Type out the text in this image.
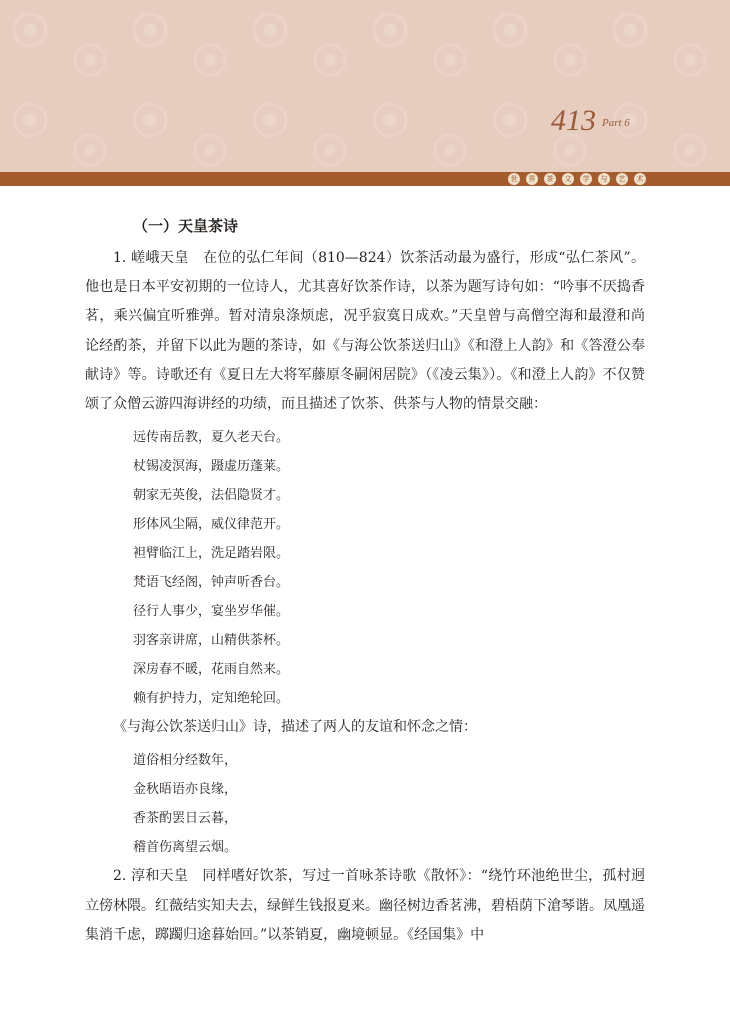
413 Part 6
世	界	茶	文	学	与	艺	术
（一）天皇茶诗

1. 嵯峨天皇　在位的弘仁年间（810—824）饮茶活动最为盛行，形成“弘仁茶风”。他也是日本平安初期的一位诗人，尤其喜好饮茶作诗，以茶为题写诗句如：“吟事不厌捣香茗，乘兴偏宜听雅弹。暂对清泉涤烦虑，况乎寂寞日成欢。”天皇曾与高僧空海和最澄和尚论经酌茶，并留下以此为题的茶诗，如《与海公饮茶送归山》《和澄上人韵》和《答澄公奉献诗》等。诗歌还有《夏日左大将军藤原冬嗣闲居院》（《凌云集》）。《和澄上人韵》不仅赞颂了众僧云游四海讲经的功绩，而且描述了饮茶、供茶与人物的情景交融：

远传南岳教，夏久老天台。

杖锡凌溟海，蹑虚历蓬莱。

朝家无英俊，法侣隐贤才。

形体风尘隔，威仪律范开。

袒臂临江上，洗足踏岩限。

梵语飞经阁，钟声听香台。

径行人事少，宴坐岁华催。

羽客亲讲席，山精供茶杯。

深房春不暖，花雨自然来。

赖有护持力，定知绝轮回。

《与海公饮茶送归山》诗，描述了两人的友谊和怀念之情：

道俗相分经数年，

金秋晤语亦良缘，

香茶酌罢日云暮，

稽首伤离望云烟。

2. 淳和天皇　同样嗜好饮茶，写过一首咏茶诗歌《散怀》：“绕竹环池绝世尘，孤村迥立傍林隈。红薇结实知夫去，绿鲜生钱报夏来。幽径树边香茗沸，碧梧荫下滄琴谐。凤凰遥集消千虑，踯躅归途暮始回。”以茶销夏，幽境顿显。《经国集》中
